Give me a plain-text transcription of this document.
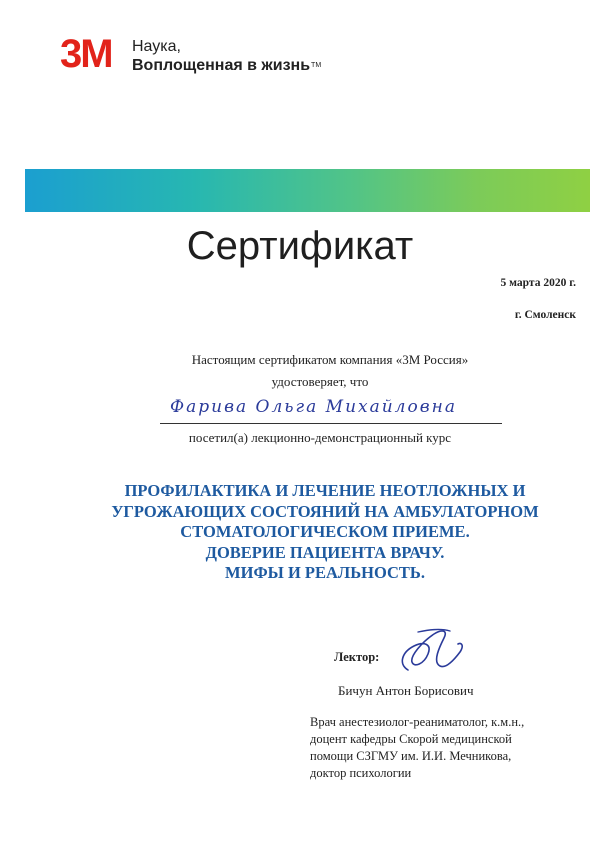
3M Наука,
Воплощенная в жизнь™
Сертификат
5 марта 2020 г.
г. Смоленск
Настоящим сертификатом компания «3М Россия»
удостоверяет, что
Фарива Ольга Михайловна
посетил(а) лекционно-демонстрационный курс
ПРОФИЛАКТИКА И ЛЕЧЕНИЕ НЕОТЛОЖНЫХ И
УГРОЖАЮЩИХ СОСТОЯНИЙ НА АМБУЛАТОРНОМ
СТОМАТОЛОГИЧЕСКОМ ПРИЕМЕ.
ДОВЕРИЕ ПАЦИЕНТА ВРАЧУ.
МИФЫ И РЕАЛЬНОСТЬ.
Лектор:
Бичун Антон Борисович
Врач анестезиолог-реаниматолог, к.м.н.,
доцент кафедры Скорой медицинской
помощи СЗГМУ им. И.И. Мечникова,
доктор психологии
